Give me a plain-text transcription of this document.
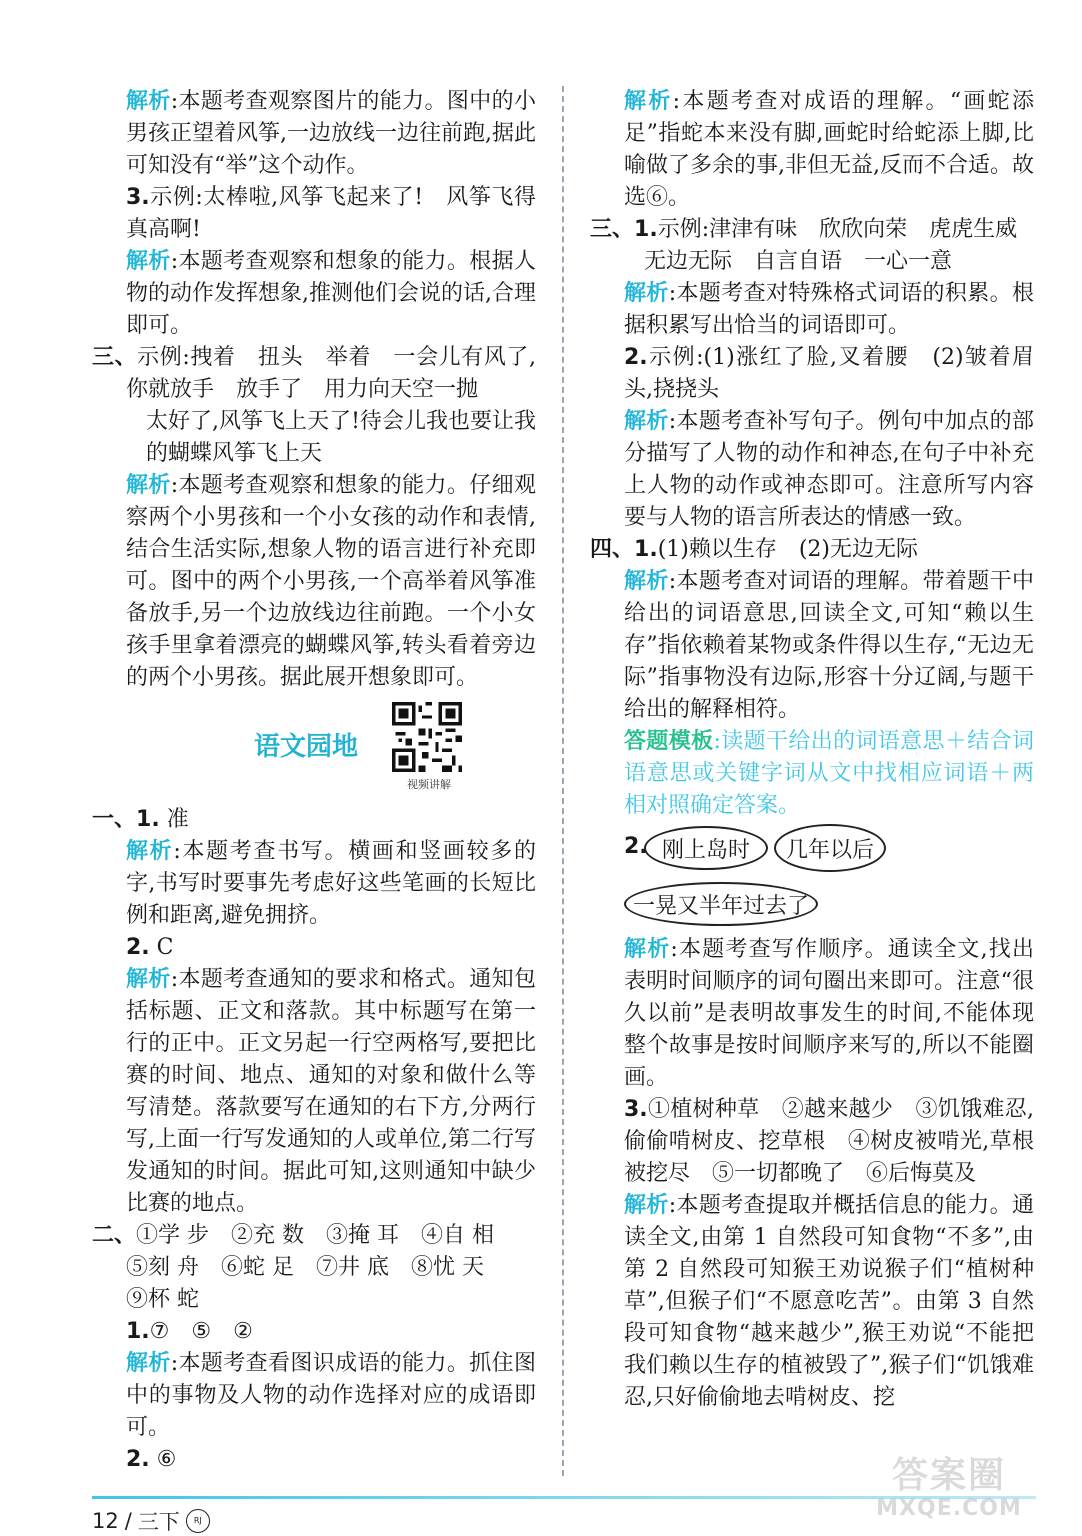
解析:本题考查观察图片的能力。图中的小男孩正望着风筝,一边放线一边往前跑,据此可知没有“举”这个动作。

3.示例:太棒啦,风筝飞起来了!　风筝飞得真高啊!

解析:本题考查观察和想象的能力。根据人物的动作发挥想象,推测他们会说的话,合理即可。

三、示例:拽着　扭头　举着　一会儿有风了,你就放手　放手了　用力向天空一抛

太好了,风筝飞上天了!待会儿我也要让我的蝴蝶风筝飞上天

解析:本题考查观察和想象的能力。仔细观察两个小男孩和一个小女孩的动作和表情,结合生活实际,想象人物的语言进行补充即可。图中的两个小男孩,一个高举着风筝准备放手,另一个边放线边往前跑。一个小女孩手里拿着漂亮的蝴蝶风筝,转头看着旁边的两个小男孩。据此展开想象即可。

语文园地
视频讲解

一、1. 准

解析:本题考查书写。横画和竖画较多的字,书写时要事先考虑好这些笔画的长短比例和距离,避免拥挤。

2. C

解析:本题考查通知的要求和格式。通知包括标题、正文和落款。其中标题写在第一行的正中。正文另起一行空两格写,要把比赛的时间、地点、通知的对象和做什么等写清楚。落款要写在通知的右下方,分两行写,上面一行写发通知的人或单位,第二行写发通知的时间。据此可知,这则通知中缺少比赛的地点。

二、①学 步　②充 数　③掩 耳　④自 相

⑤刻 舟　⑥蛇 足　⑦井 底　⑧忧 天

⑨杯 蛇

1.⑦　⑤　②

解析:本题考查看图识成语的能力。抓住图中的事物及人物的动作选择对应的成语即可。

2. ⑥

解析:本题考查对成语的理解。“画蛇添足”指蛇本来没有脚,画蛇时给蛇添上脚,比喻做了多余的事,非但无益,反而不合适。故选⑥。

三、1.示例:津津有味　欣欣向荣　虎虎生威

无边无际　自言自语　一心一意

解析:本题考查对特殊格式词语的积累。根据积累写出恰当的词语即可。

2.示例:(1)涨红了脸,叉着腰　(2)皱着眉头,挠挠头

解析:本题考查补写句子。例句中加点的部分描写了人物的动作和神态,在句子中补充上人物的动作或神态即可。注意所写内容要与人物的语言所表达的情感一致。

四、1.(1)赖以生存　(2)无边无际

解析:本题考查对词语的理解。带着题干中给出的词语意思,回读全文,可知“赖以生存”指依赖着某物或条件得以生存,“无边无际”指事物没有边际,形容十分辽阔,与题干给出的解释相符。

答题模板:读题干给出的词语意思＋结合词语意思或关键字词从文中找相应词语＋两相对照确定答案。

2. 刚上岛时	几年以后
一晃又半年过去了

解析:本题考查写作顺序。通读全文,找出表明时间顺序的词句圈出来即可。注意“很久以前”是表明故事发生的时间,不能体现整个故事是按时间顺序来写的,所以不能圈画。

3.①植树种草　②越来越少　③饥饿难忍,偷偷啃树皮、挖草根　④树皮被啃光,草根被挖尽　⑤一切都晚了　⑥后悔莫及

解析:本题考查提取并概括信息的能力。通读全文,由第 1 自然段可知食物“不多”,由第 2 自然段可知猴王劝说猴子们“植树种草”,但猴子们“不愿意吃苦”。由第 3 自然段可知食物“越来越少”,猴王劝说“不能把我们赖以生存的植被毁了”,猴子们“饥饿难忍,只好偷偷地去啃树皮、挖

12 / 三下	RJ
答案圈
MXQE.COM
